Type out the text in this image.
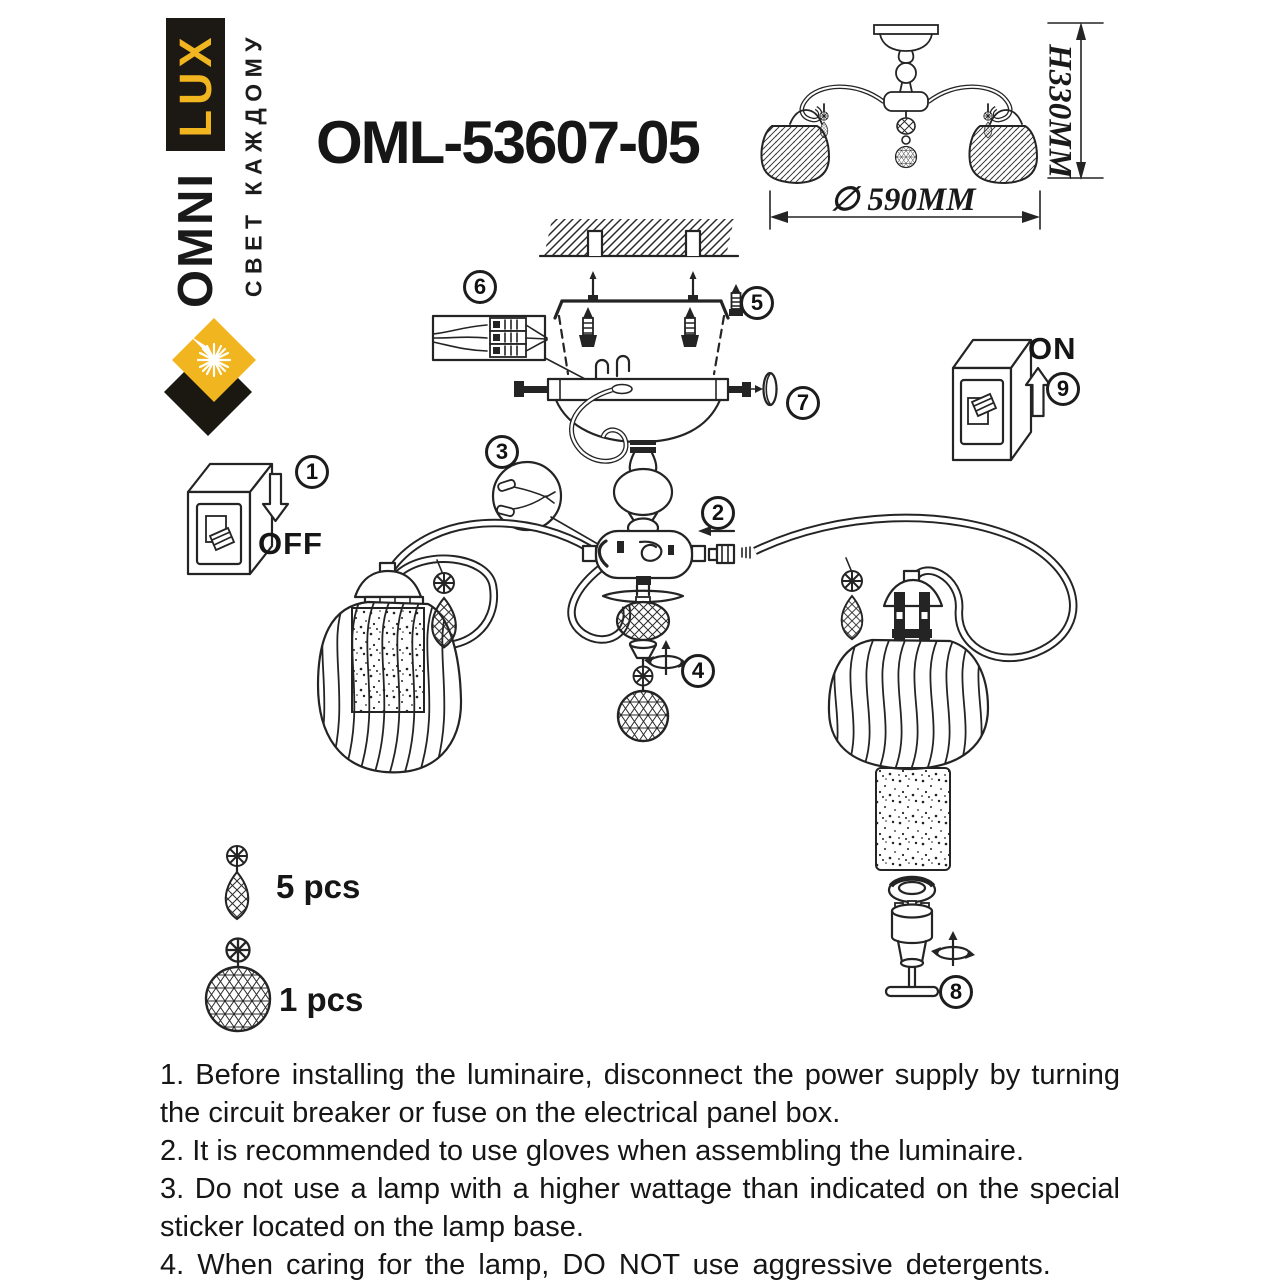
LUX
OMNI СВЕТ КАЖДОМУ OML-53607-05	H330MM
∅ 590MM
OFF
ON
5 pcs
1 pcs
1
2
3
4
5
6
7
8
9

1. Before installing the luminaire, disconnect the power supply by turning the circuit breaker or fuse on the electrical panel box.

2. It is recommended to use gloves when assembling the luminaire.

3. Do not use a lamp with a higher wattage than indicated on the special sticker located on the lamp base.

4. When caring for the lamp, DO NOT use aggressive detergents.
